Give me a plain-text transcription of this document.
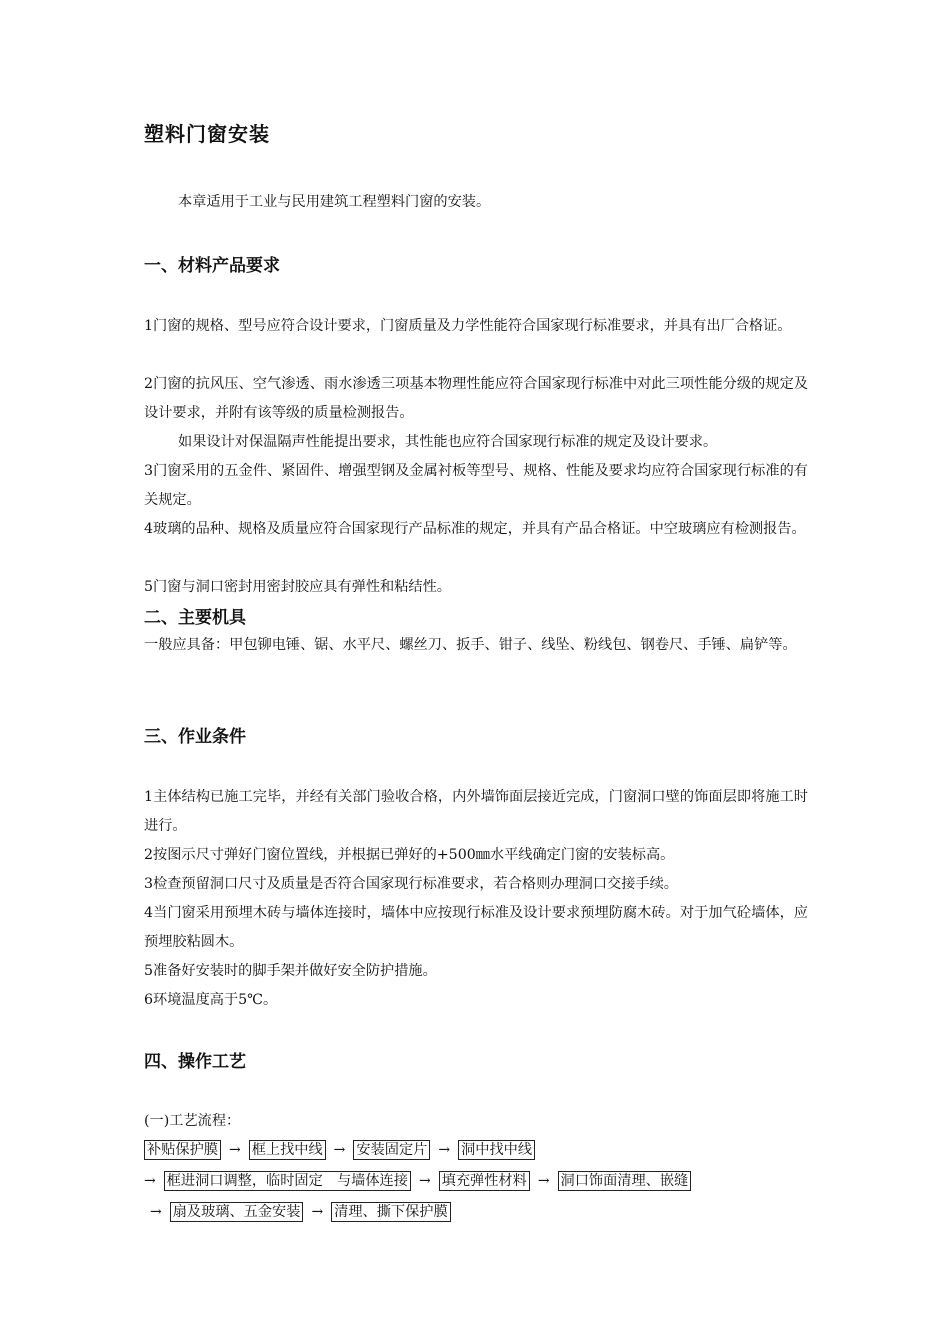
塑料门窗安装
本章适用于工业与民用建筑工程塑料门窗的安装。
一、材料产品要求
1门窗的规格、型号应符合设计要求，门窗质量及力学性能符合国家现行标准要求，并具有出厂合格证。
2门窗的抗风压、空气渗透、雨水渗透三项基本物理性能应符合国家现行标准中对此三项性能分级的规定及设计要求，并附有该等级的质量检测报告。
如果设计对保温隔声性能提出要求，其性能也应符合国家现行标准的规定及设计要求。
3门窗采用的五金件、紧固件、增强型钢及金属衬板等型号、规格、性能及要求均应符合国家现行标准的有关规定。
4玻璃的品种、规格及质量应符合国家现行产品标准的规定，并具有产品合格证。中空玻璃应有检测报告。
5门窗与洞口密封用密封胶应具有弹性和粘结性。
二、主要机具
一般应具备：甲包铆电锤、锯、水平尺、螺丝刀、扳手、钳子、线坠、粉线包、钢卷尺、手锤、扁铲等。
三、作业条件
1主体结构已施工完毕，并经有关部门验收合格，内外墙饰面层接近完成，门窗洞口壁的饰面层即将施工时进行。
2按图示尺寸弹好门窗位置线，并根据已弹好的+500㎜水平线确定门窗的安装标高。
3检查预留洞口尺寸及质量是否符合国家现行标准要求，若合格则办理洞口交接手续。
4当门窗采用预埋木砖与墙体连接时，墙体中应按现行标准及设计要求预埋防腐木砖。对于加气砼墙体，应预埋胶粘圆木。
5准备好安装时的脚手架并做好安全防护措施。
6环境温度高于5℃。
四、操作工艺
(一)工艺流程：
补贴保护膜 → 框上找中线 → 安装固定片 → 洞中找中线
→ 框进洞口调整，临时固定　与墙体连接 → 填充弹性材料 → 洞口饰面清理、嵌缝
→ 扇及玻璃、五金安装 → 清理、撕下保护膜
